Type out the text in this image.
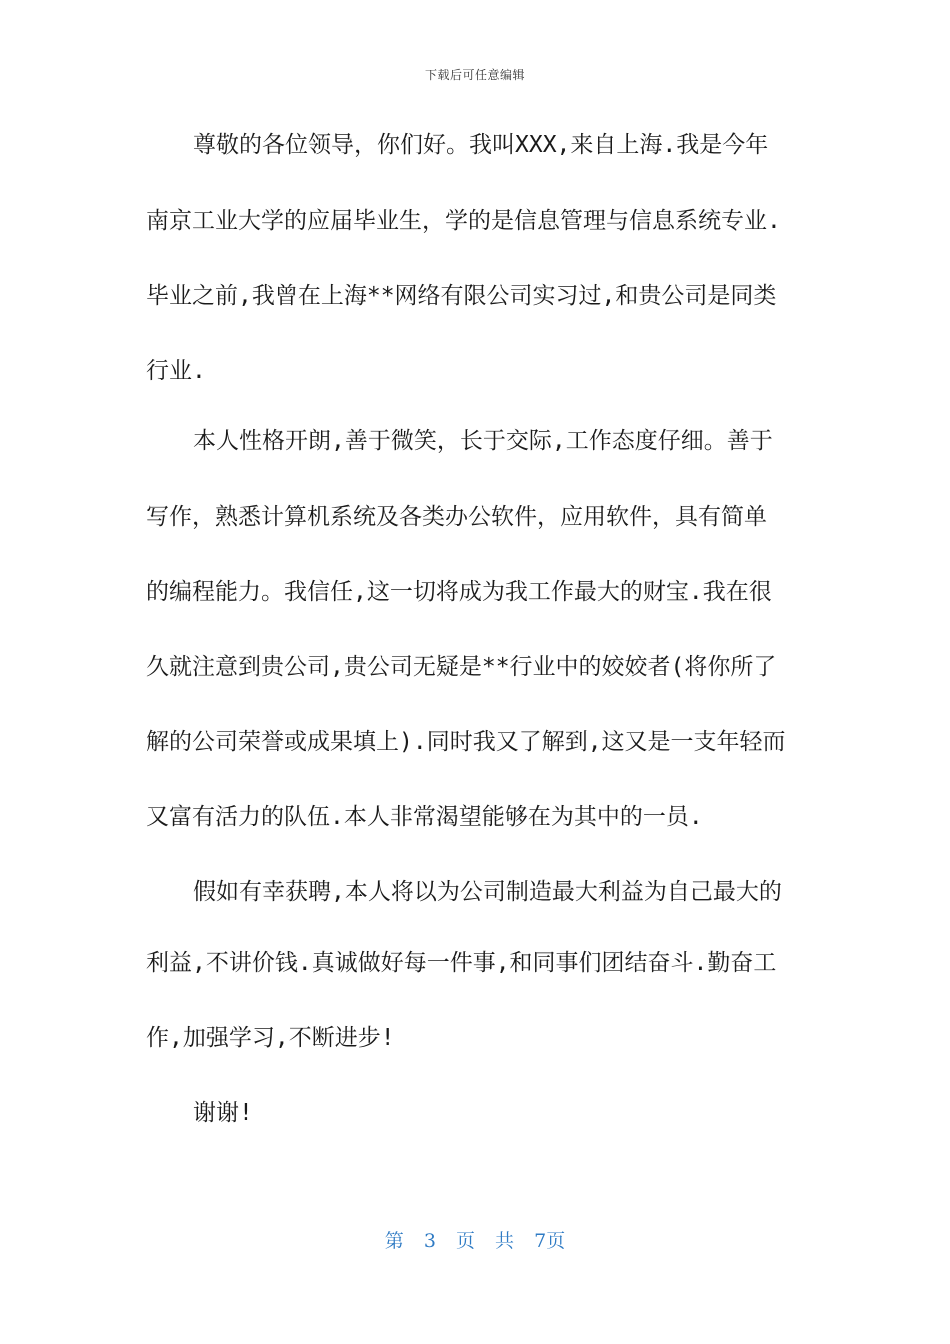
下载后可任意编辑
尊敬的各位领导，你们好。我叫XXX,来自上海.我是今年
南京工业大学的应届毕业生，学的是信息管理与信息系统专业.
毕业之前,我曾在上海**网络有限公司实习过,和贵公司是同类
行业.
本人性格开朗,善于微笑，长于交际,工作态度仔细。善于
写作，熟悉计算机系统及各类办公软件，应用软件，具有简单
的编程能力。我信任,这一切将成为我工作最大的财宝.我在很
久就注意到贵公司,贵公司无疑是**行业中的姣姣者(将你所了
解的公司荣誉或成果填上).同时我又了解到,这又是一支年轻而
又富有活力的队伍.本人非常渴望能够在为其中的一员.
假如有幸获聘,本人将以为公司制造最大利益为自己最大的
利益,不讲价钱.真诚做好每一件事,和同事们团结奋斗.勤奋工
作,加强学习,不断进步!
谢谢!
第 3 页 共 7页
